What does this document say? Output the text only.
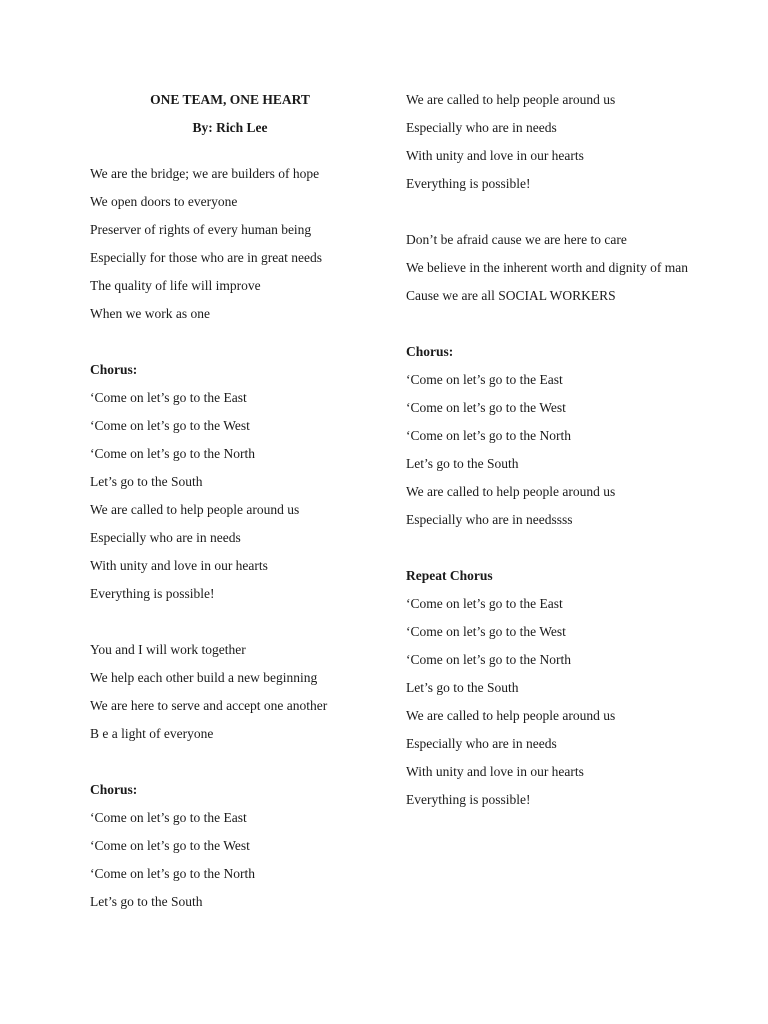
ONE TEAM, ONE HEART
By: Rich Lee
We are the bridge; we are builders of hope
We open doors to everyone
Preserver of rights of every human being
Especially for those who are in great needs
The quality of life will improve
When we work as one
Chorus:
‘Come on let’s go to the East
‘Come on let’s go to the West
‘Come on let’s go to the North
Let’s go to the South
We are called to help people around us
Especially who are in needs
With unity and love in our hearts
Everything is possible!
You and I will work together
We help each other build a new beginning
We are here to serve and accept one another
B e a light of everyone
Chorus:
‘Come on let’s go to the East
‘Come on let’s go to the West
‘Come on let’s go to the North
Let’s go to the South
We are called to help people around us
Especially who are in needs
With unity and love in our hearts
Everything is possible!
Don’t be afraid cause we are here to care
We believe in the inherent worth and dignity of man
Cause we are all SOCIAL WORKERS
Chorus:
‘Come on let’s go to the East
‘Come on let’s go to the West
‘Come on let’s go to the North
Let’s go to the South
We are called to help people around us
Especially who are in needssss
Repeat Chorus
‘Come on let’s go to the East
‘Come on let’s go to the West
‘Come on let’s go to the North
Let’s go to the South
We are called to help people around us
Especially who are in needs
With unity and love in our hearts
Everything is possible!
